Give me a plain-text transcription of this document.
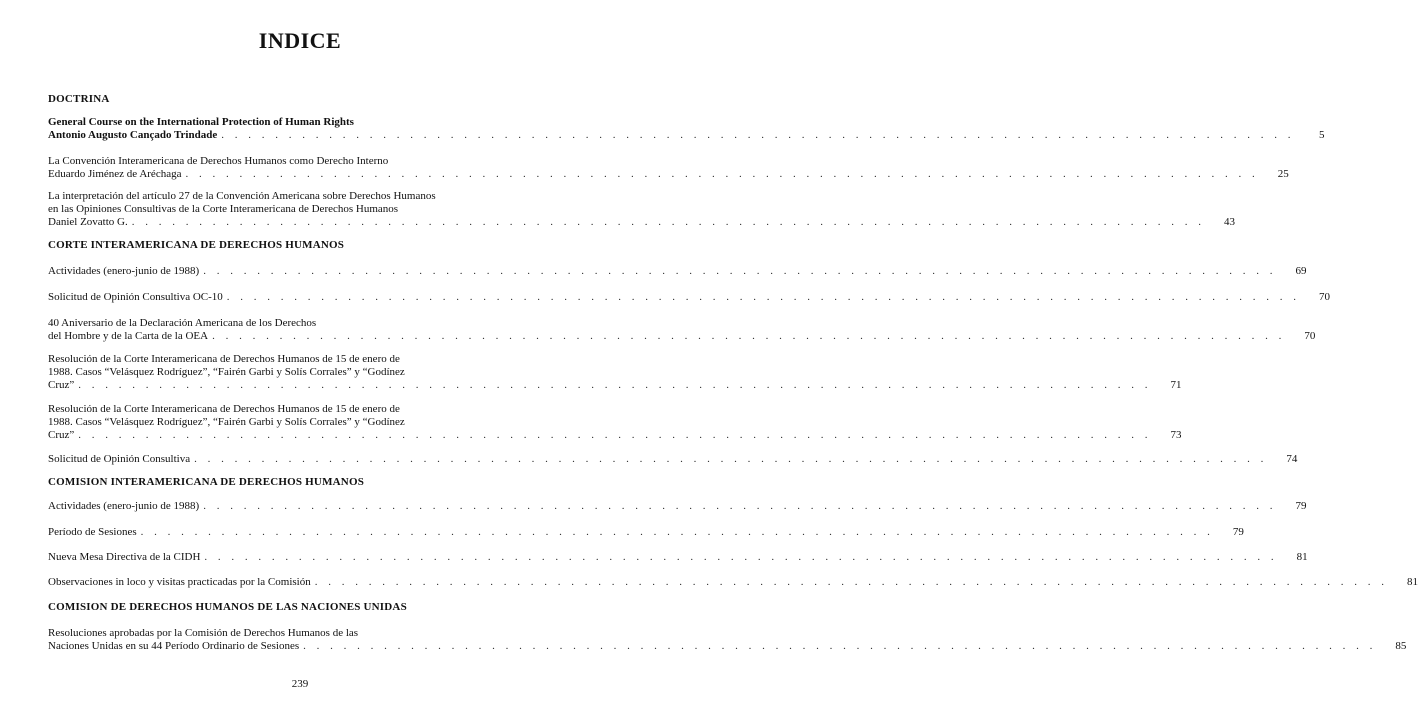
INDICE
DOCTRINA
General Course on the International Protection of Human Rights
Antonio Augusto Cançado Trindade . . . . . . . . . . . . . . . . . . . . . . . . . . . . . . . . . . . . . . . . . . . . . . . . . . . . . . . . . . . . . . . . . . . . . . . . . . . . . . . .	5
La Convención Interamericana de Derechos Humanos como Derecho Interno
Eduardo Jiménez de Aréchaga . . . . . . . . . . . . . . . . . . . . . . . . . . . . . . . . . . . . . . . . . . . . . . . . . . . . . . . . . . . . . . . . . . . . . . . . . . . . . . . .	25
La interpretación del artículo 27 de la Convención Americana sobre Derechos Humanos
en las Opiniones Consultivas de la Corte Interamericana de Derechos Humanos
Daniel Zovatto G. . . . . . . . . . . . . . . . . . . . . . . . . . . . . . . . . . . . . . . . . . . . . . . . . . . . . . . . . . . . . . . . . . . . . . . . . . . . . . . . .	43
CORTE INTERAMERICANA DE DERECHOS HUMANOS
Actividades (enero-junio de 1988) . . . . . . . . . . . . . . . . . . . . . . . . . . . . . . . . . . . . . . . . . . . . . . . . . . . . . . . . . . . . . . . . . . . . . . . . . . . . . . . .	69
Solicitud de Opinión Consultiva OC-10 . . . . . . . . . . . . . . . . . . . . . . . . . . . . . . . . . . . . . . . . . . . . . . . . . . . . . . . . . . . . . . . . . . . . . . . . . . . . . . . .	70
40 Aniversario de la Declaración Americana de los Derechos
del Hombre y de la Carta de la OEA . . . . . . . . . . . . . . . . . . . . . . . . . . . . . . . . . . . . . . . . . . . . . . . . . . . . . . . . . . . . . . . . . . . . . . . . . . . . . . . .	70
Resolución de la Corte Interamericana de Derechos Humanos de 15 de enero de
1988. Casos “Velásquez Rodríguez”, “Fairén Garbi y Solís Corrales” y “Godínez
Cruz” . . . . . . . . . . . . . . . . . . . . . . . . . . . . . . . . . . . . . . . . . . . . . . . . . . . . . . . . . . . . . . . . . . . . . . . . . . . . . . . .	71
Resolución de la Corte Interamericana de Derechos Humanos de 15 de enero de
1988. Casos “Velásquez Rodríguez”, “Fairén Garbi y Solís Corrales” y “Godínez
Cruz” . . . . . . . . . . . . . . . . . . . . . . . . . . . . . . . . . . . . . . . . . . . . . . . . . . . . . . . . . . . . . . . . . . . . . . . . . . . . . . . .	73
Solicitud de Opinión Consultiva . . . . . . . . . . . . . . . . . . . . . . . . . . . . . . . . . . . . . . . . . . . . . . . . . . . . . . . . . . . . . . . . . . . . . . . . . . . . . . . .	74
COMISION INTERAMERICANA DE DERECHOS HUMANOS
Actividades (enero-junio de 1988) . . . . . . . . . . . . . . . . . . . . . . . . . . . . . . . . . . . . . . . . . . . . . . . . . . . . . . . . . . . . . . . . . . . . . . . . . . . . . . . .	79
Período de Sesiones . . . . . . . . . . . . . . . . . . . . . . . . . . . . . . . . . . . . . . . . . . . . . . . . . . . . . . . . . . . . . . . . . . . . . . . . . . . . . . . .	79
Nueva Mesa Directiva de la CIDH . . . . . . . . . . . . . . . . . . . . . . . . . . . . . . . . . . . . . . . . . . . . . . . . . . . . . . . . . . . . . . . . . . . . . . . . . . . . . . . .	81
Observaciones in loco y visitas practicadas por la Comisión . . . . . . . . . . . . . . . . . . . . . . . . . . . . . . . . . . . . . . . . . . . . . . . . . . . . . . . . . . . . . . . . . . . . . . . . . . . . . . . .	81
COMISION DE DERECHOS HUMANOS DE LAS NACIONES UNIDAS
Resoluciones aprobadas por la Comisión de Derechos Humanos de las
Naciones Unidas en su 44 Período Ordinario de Sesiones . . . . . . . . . . . . . . . . . . . . . . . . . . . . . . . . . . . . . . . . . . . . . . . . . . . . . . . . . . . . . . . . . . . . . . . . . . . . . . . .	85
239
